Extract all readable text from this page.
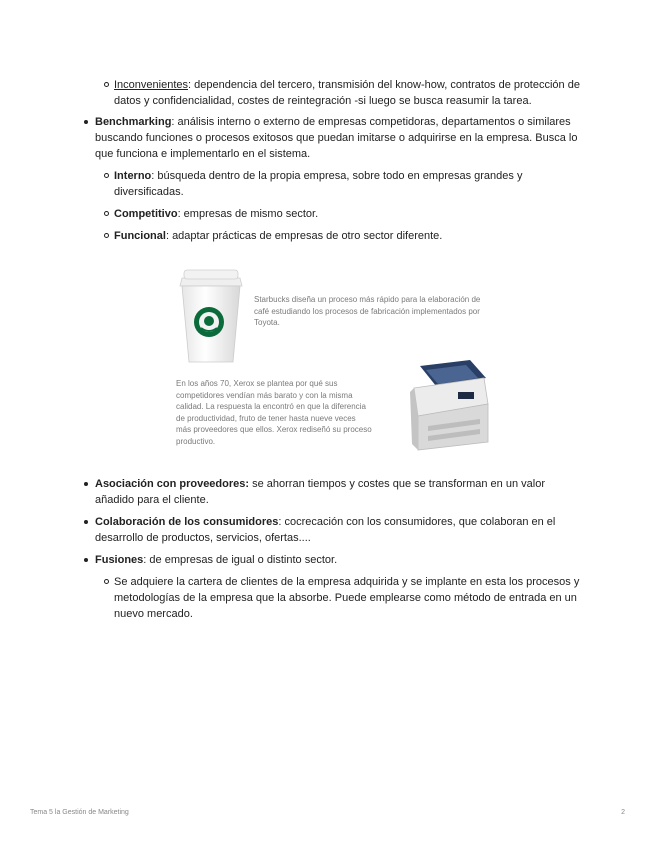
Inconvenientes: dependencia del tercero, transmisión del know-how, contratos de protección de datos y confidencialidad, costes de reintegración -si luego se busca reasumir la tarea.
Benchmarking: análisis interno o externo de empresas competidoras, departamentos o similares buscando funciones o procesos exitosos que puedan imitarse o adquirirse en la empresa. Busca lo que funciona e implementarlo en el sistema.
Interno: búsqueda dentro de la propia empresa, sobre todo en empresas grandes y diversificadas.
Competitivo: empresas de mismo sector.
Funcional: adaptar prácticas de empresas de otro sector diferente.
Starbucks diseña un proceso más rápido para la elaboración de café estudiando los procesos de fabricación implementados por Toyota.
En los años 70, Xerox se plantea por qué sus competidores vendían más barato y con la misma calidad. La respuesta la encontró en que la diferencia de productividad, fruto de tener hasta nueve veces más proveedores que ellos. Xerox rediseñó su proceso productivo.
Asociación con proveedores: se ahorran tiempos y costes que se transforman en un valor añadido para el cliente.
Colaboración de los consumidores: cocrecación con los consumidores, que colaboran en el desarrollo de productos, servicios, ofertas....
Fusiones: de empresas de igual o distinto sector.
Se adquiere la cartera de clientes de la empresa adquirida y se implante en esta los procesos y metodologías de la empresa que la absorbe. Puede emplearse como método de entrada en un nuevo mercado.
Tema 5 la Gestión de Marketing	2
